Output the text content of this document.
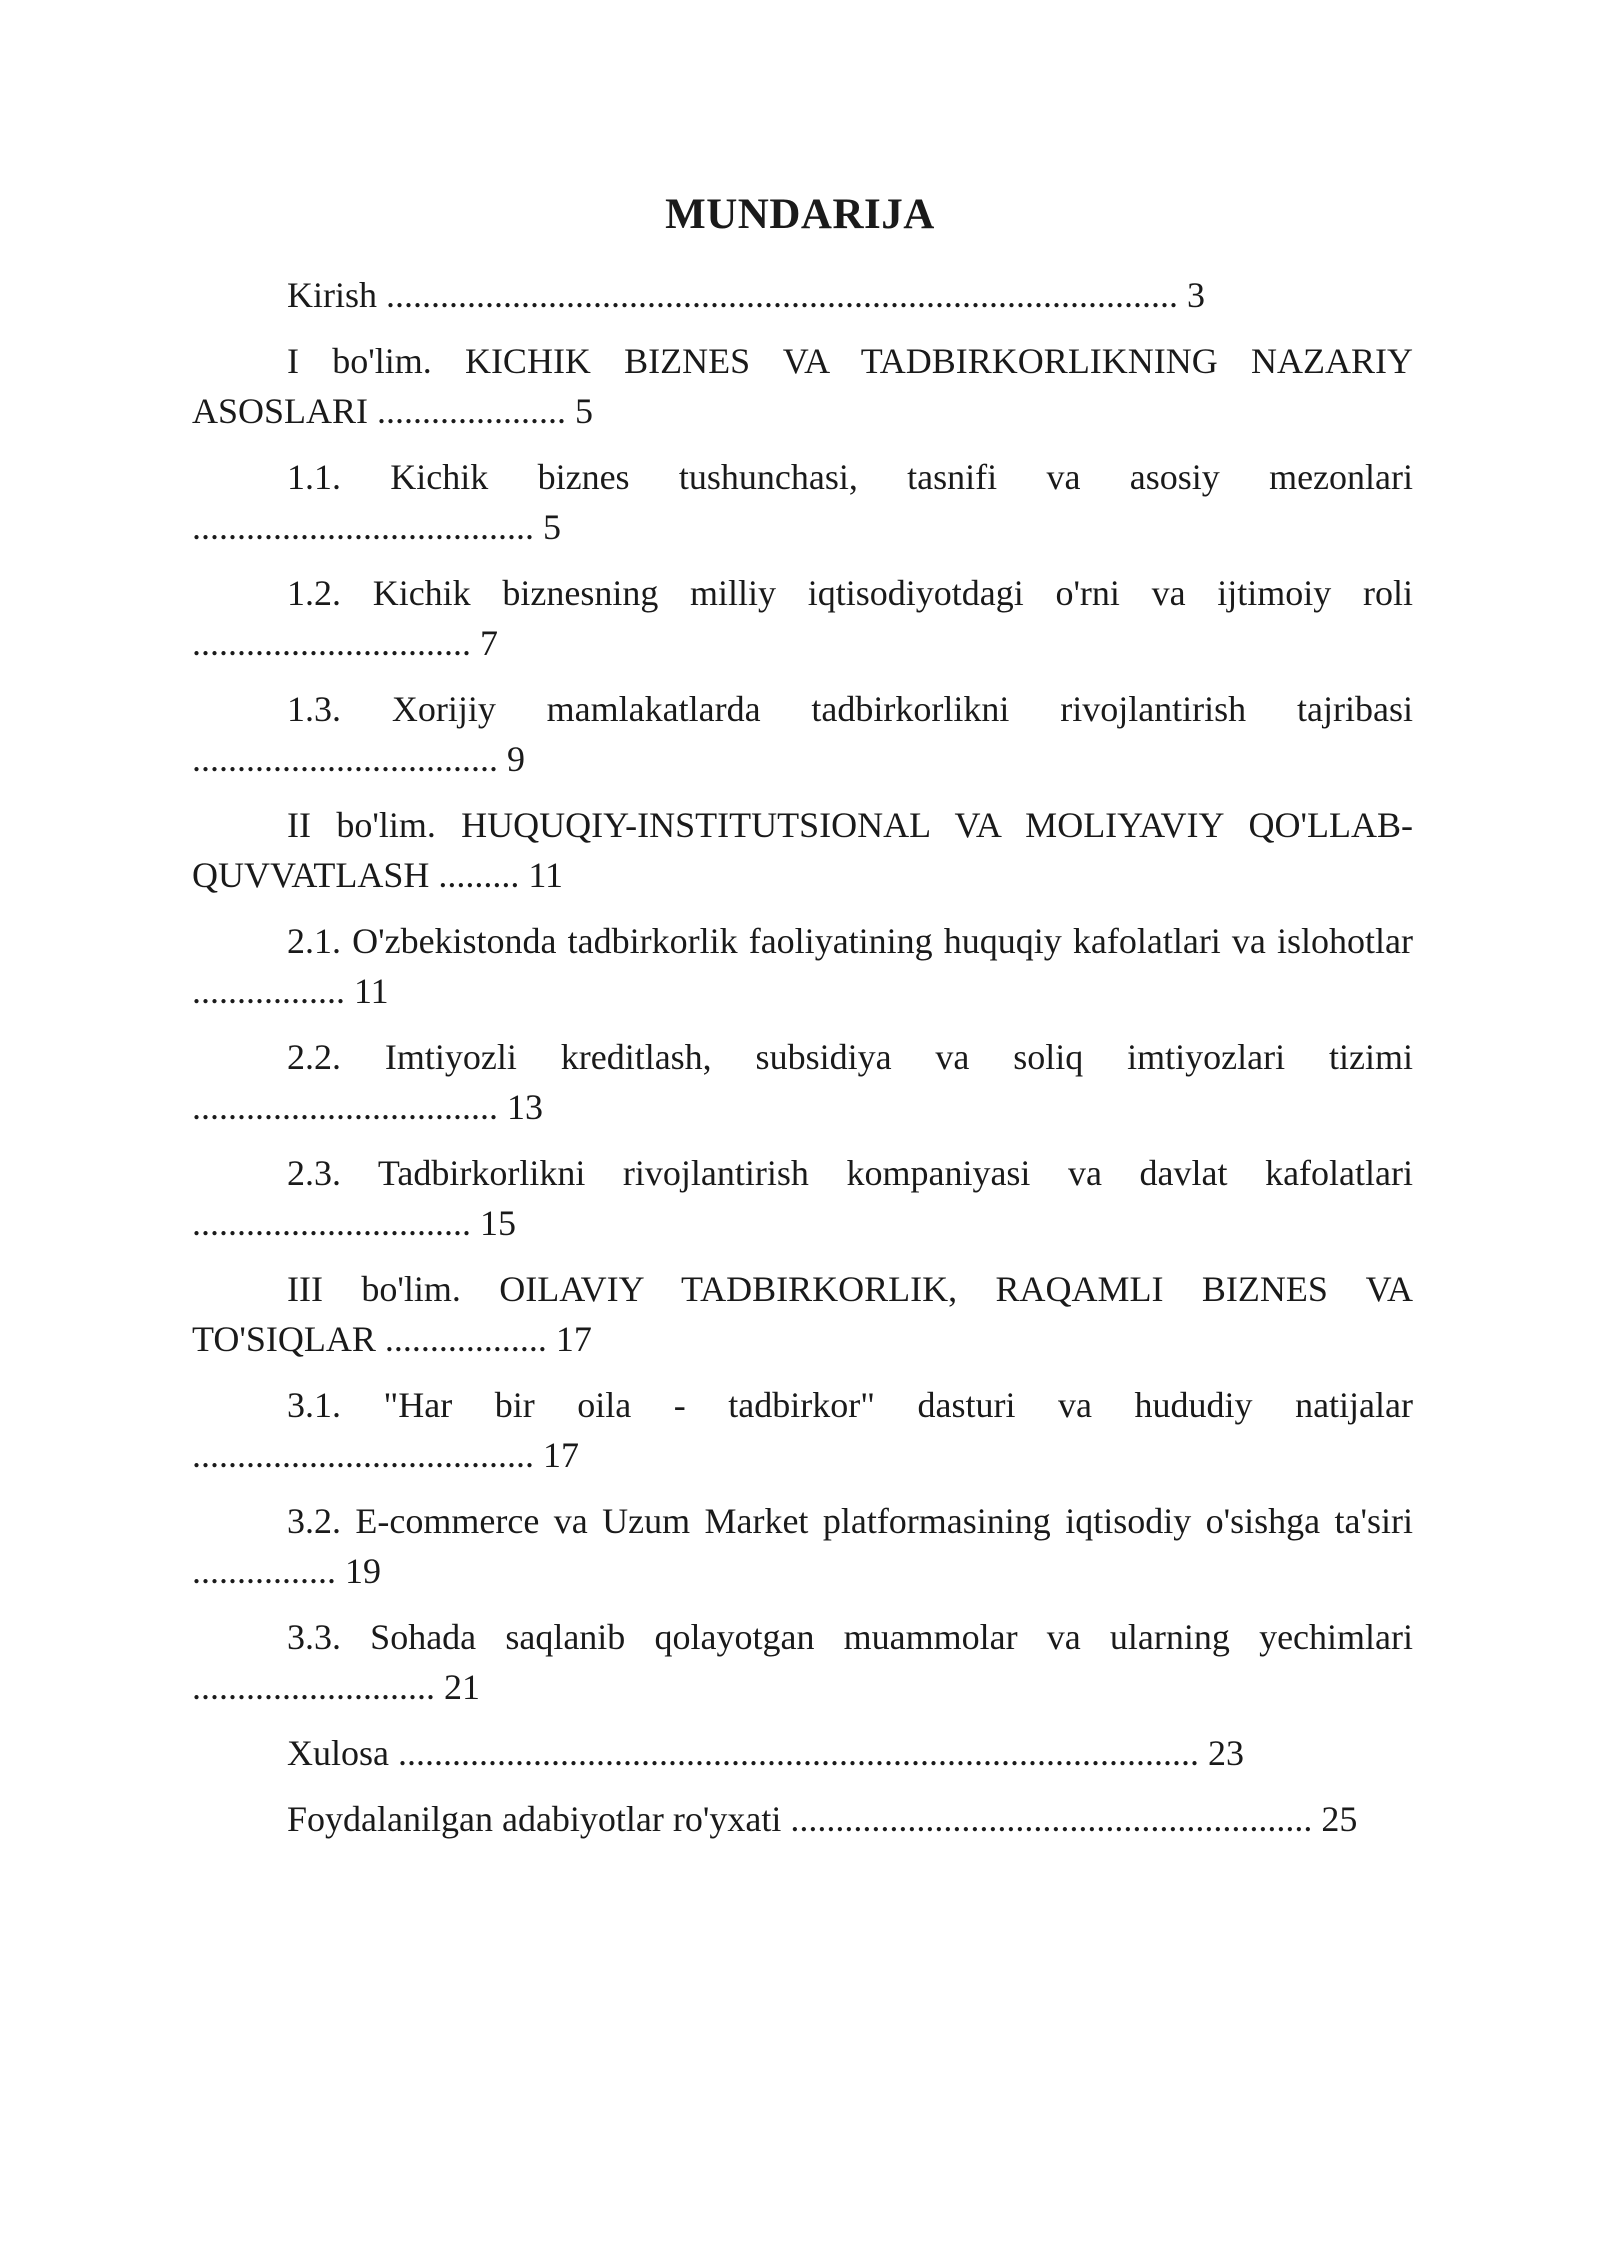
MUNDARIJA

Kirish ........................................................................................ 3

I bo'lim. KICHIK BIZNES VA TADBIRKORLIKNING NAZARIY ASOSLARI ..................... 5

1.1. Kichik biznes tushunchasi, tasnifi va asosiy mezonlari ...................................... 5

1.2. Kichik biznesning milliy iqtisodiyotdagi o'rni va ijtimoiy roli ............................... 7

1.3. Xorijiy mamlakatlarda tadbirkorlikni rivojlantirish tajribasi .................................. 9

II bo'lim. HUQUQIY-INSTITUTSIONAL VA MOLIYAVIY QO'LLAB-QUVVATLASH ......... 11

2.1. O'zbekistonda tadbirkorlik faoliyatining huquqiy kafolatlari va islohotlar ................. 11

2.2. Imtiyozli kreditlash, subsidiya va soliq imtiyozlari tizimi .................................. 13

2.3. Tadbirkorlikni rivojlantirish kompaniyasi va davlat kafolatlari ............................... 15

III bo'lim. OILAVIY TADBIRKORLIK, RAQAMLI BIZNES VA TO'SIQLAR .................. 17

3.1. "Har bir oila - tadbirkor" dasturi va hududiy natijalar ...................................... 17

3.2. E-commerce va Uzum Market platformasining iqtisodiy o'sishga ta'siri ................ 19

3.3. Sohada saqlanib qolayotgan muammolar va ularning yechimlari ........................... 21

Xulosa ......................................................................................... 23

Foydalanilgan adabiyotlar ro'yxati .......................................................... 25
